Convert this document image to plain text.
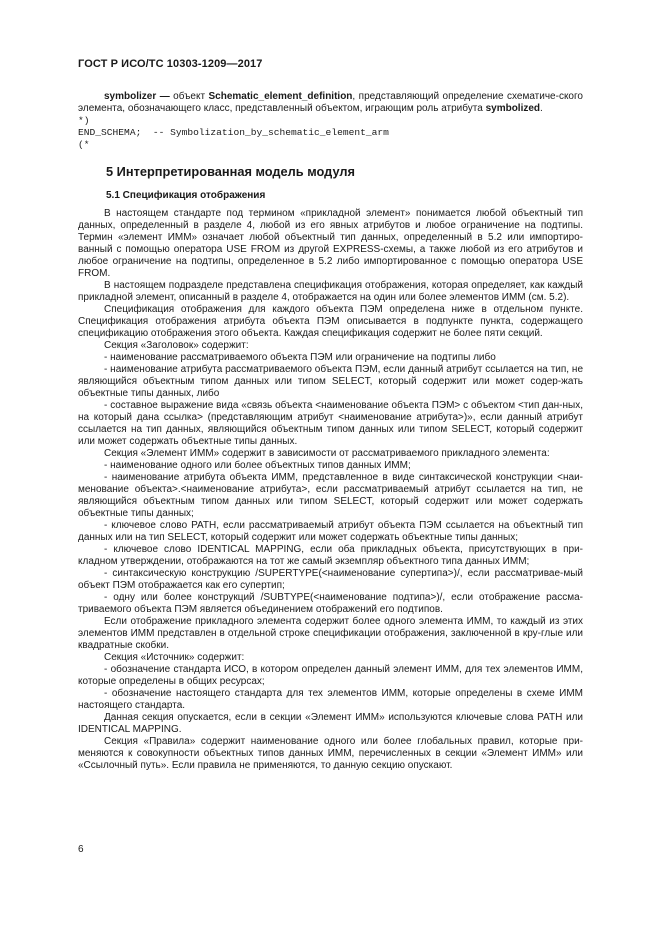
ГОСТ Р ИСО/ТС 10303-1209—2017

symbolizer — объект Schematic_element_definition, представляющий определение схематиче-ского элемента, обозначающего класс, представленный объектом, играющим роль атрибута symbolized.

*)
END_SCHEMA;  -- Symbolization_by_schematic_element_arm
(*
5 Интерпретированная модель модуля
5.1 Спецификация отображения

В настоящем стандарте под термином «прикладной элемент» понимается любой объектный тип данных, определенный в разделе 4, любой из его явных атрибутов и любое ограничение на подтипы. Термин «элемент ИММ» означает любой объектный тип данных, определенный в 5.2 или импортиро-ванный с помощью оператора USE FROM из другой EXPRESS-схемы, а также любой из его атрибутов и любое ограничение на подтипы, определенное в 5.2 либо импортированное с помощью оператора USE FROM.

В настоящем подразделе представлена спецификация отображения, которая определяет, как каждый прикладной элемент, описанный в разделе 4, отображается на один или более элементов ИММ (см. 5.2).

Спецификация отображения для каждого объекта ПЭМ определена ниже в отдельном пункте. Спецификация отображения атрибута объекта ПЭМ описывается в подпункте пункта, содержащего спецификацию отображения этого объекта. Каждая спецификация содержит не более пяти секций.

Секция «Заголовок» содержит:

- наименование рассматриваемого объекта ПЭМ или ограничение на подтипы либо

- наименование атрибута рассматриваемого объекта ПЭМ, если данный атрибут ссылается на тип, не являющийся объектным типом данных или типом SELECT, который содержит или может содер-жать объектные типы данных, либо

- составное выражение вида «связь объекта <наименование объекта ПЭМ> с объектом <тип дан-ных, на который дана ссылка> (представляющим атрибут <наименование атрибута>)», если данный атрибут ссылается на тип данных, являющийся объектным типом данных или типом SELECT, который содержит или может содержать объектные типы данных.

Секция «Элемент ИММ» содержит в зависимости от рассматриваемого прикладного элемента:

- наименование одного или более объектных типов данных ИММ;

- наименование атрибута объекта ИММ, представленное в виде синтаксической конструкции <наи-менование объекта>.<наименование атрибута>, если рассматриваемый атрибут ссылается на тип, не являющийся объектным типом данных или типом SELECT, который содержит или может содержать объектные типы данных;

- ключевое слово PATH, если рассматриваемый атрибут объекта ПЭМ ссылается на объектный тип данных или на тип SELECT, который содержит или может содержать объектные типы данных;

- ключевое слово IDENTICAL MAPPING, если оба прикладных объекта, присутствующих в при-кладном утверждении, отображаются на тот же самый экземпляр объектного типа данных ИММ;

- синтаксическую конструкцию /SUPERTYPE(<наименование супертипа>)/, если рассматривае-мый объект ПЭМ отображается как его супертип;

- одну или более конструкций /SUBTYPE(<наименование подтипа>)/, если отображение рассма-триваемого объекта ПЭМ является объединением отображений его подтипов.

Если отображение прикладного элемента содержит более одного элемента ИММ, то каждый из этих элементов ИММ представлен в отдельной строке спецификации отображения, заключенной в кру-глые или квадратные скобки.

Секция «Источник» содержит:

- обозначение стандарта ИСО, в котором определен данный элемент ИММ, для тех элементов ИММ, которые определены в общих ресурсах;

- обозначение настоящего стандарта для тех элементов ИММ, которые определены в схеме ИММ настоящего стандарта.

Данная секция опускается, если в секции «Элемент ИММ» используются ключевые слова PATH или IDENTICAL MAPPING.

Секция «Правила» содержит наименование одного или более глобальных правил, которые при-меняются к совокупности объектных типов данных ИММ, перечисленных в секции «Элемент ИММ» или «Ссылочный путь». Если правила не применяются, то данную секцию опускают.

6
